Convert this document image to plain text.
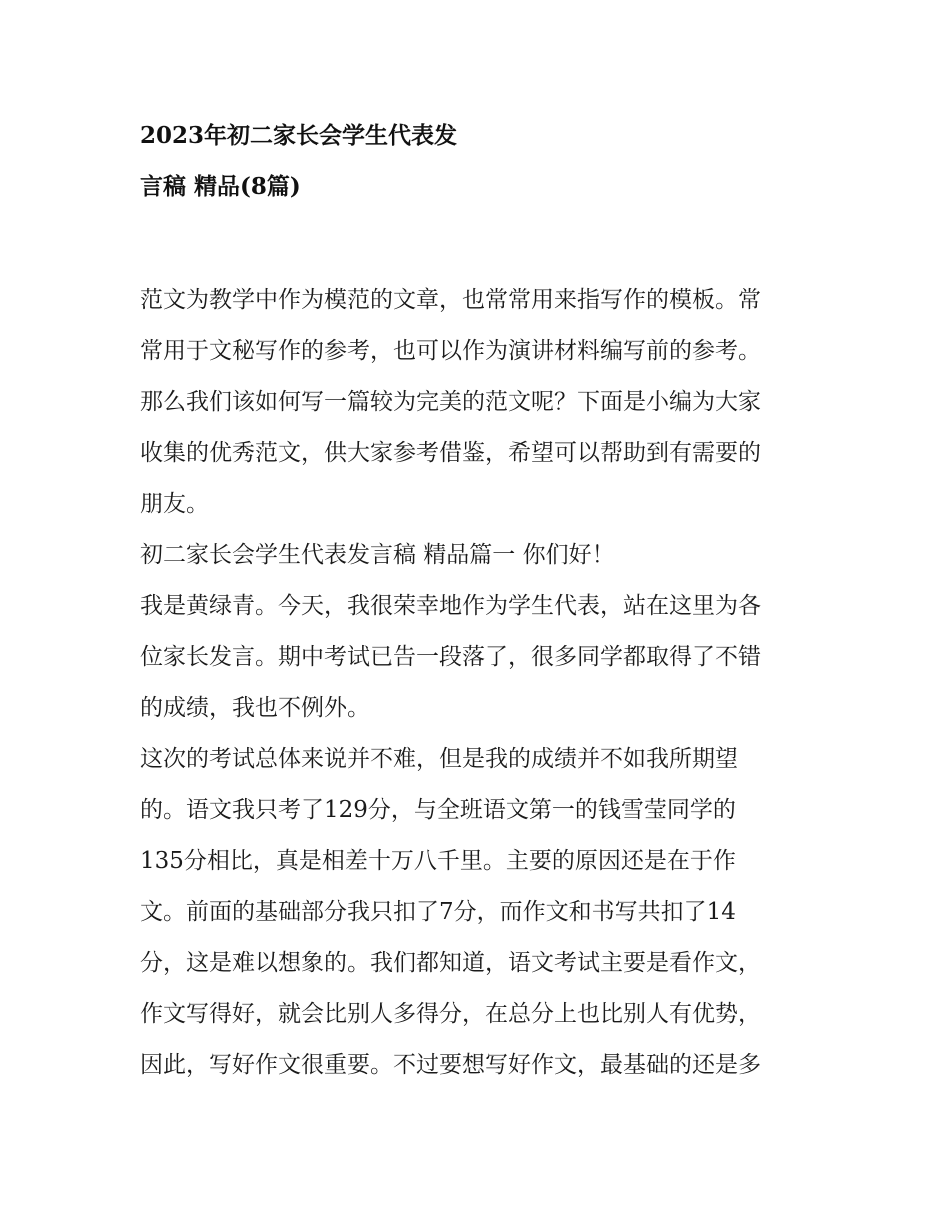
2023年初二家长会学生代表发
言稿 精品(8篇)
范文为教学中作为模范的文章，也常常用来指写作的模板。常
常用于文秘写作的参考，也可以作为演讲材料编写前的参考。
那么我们该如何写一篇较为完美的范文呢？下面是小编为大家
收集的优秀范文，供大家参考借鉴，希望可以帮助到有需要的
朋友。
初二家长会学生代表发言稿 精品篇一 你们好！
我是黄绿青。今天，我很荣幸地作为学生代表，站在这里为各
位家长发言。期中考试已告一段落了，很多同学都取得了不错
的成绩，我也不例外。
这次的考试总体来说并不难，但是我的成绩并不如我所期望
的。语文我只考了129分，与全班语文第一的钱雪莹同学的
135分相比，真是相差十万八千里。主要的原因还是在于作
文。前面的基础部分我只扣了7分，而作文和书写共扣了14
分，这是难以想象的。我们都知道，语文考试主要是看作文，
作文写得好，就会比别人多得分，在总分上也比别人有优势，
因此，写好作文很重要。不过要想写好作文，最基础的还是多
